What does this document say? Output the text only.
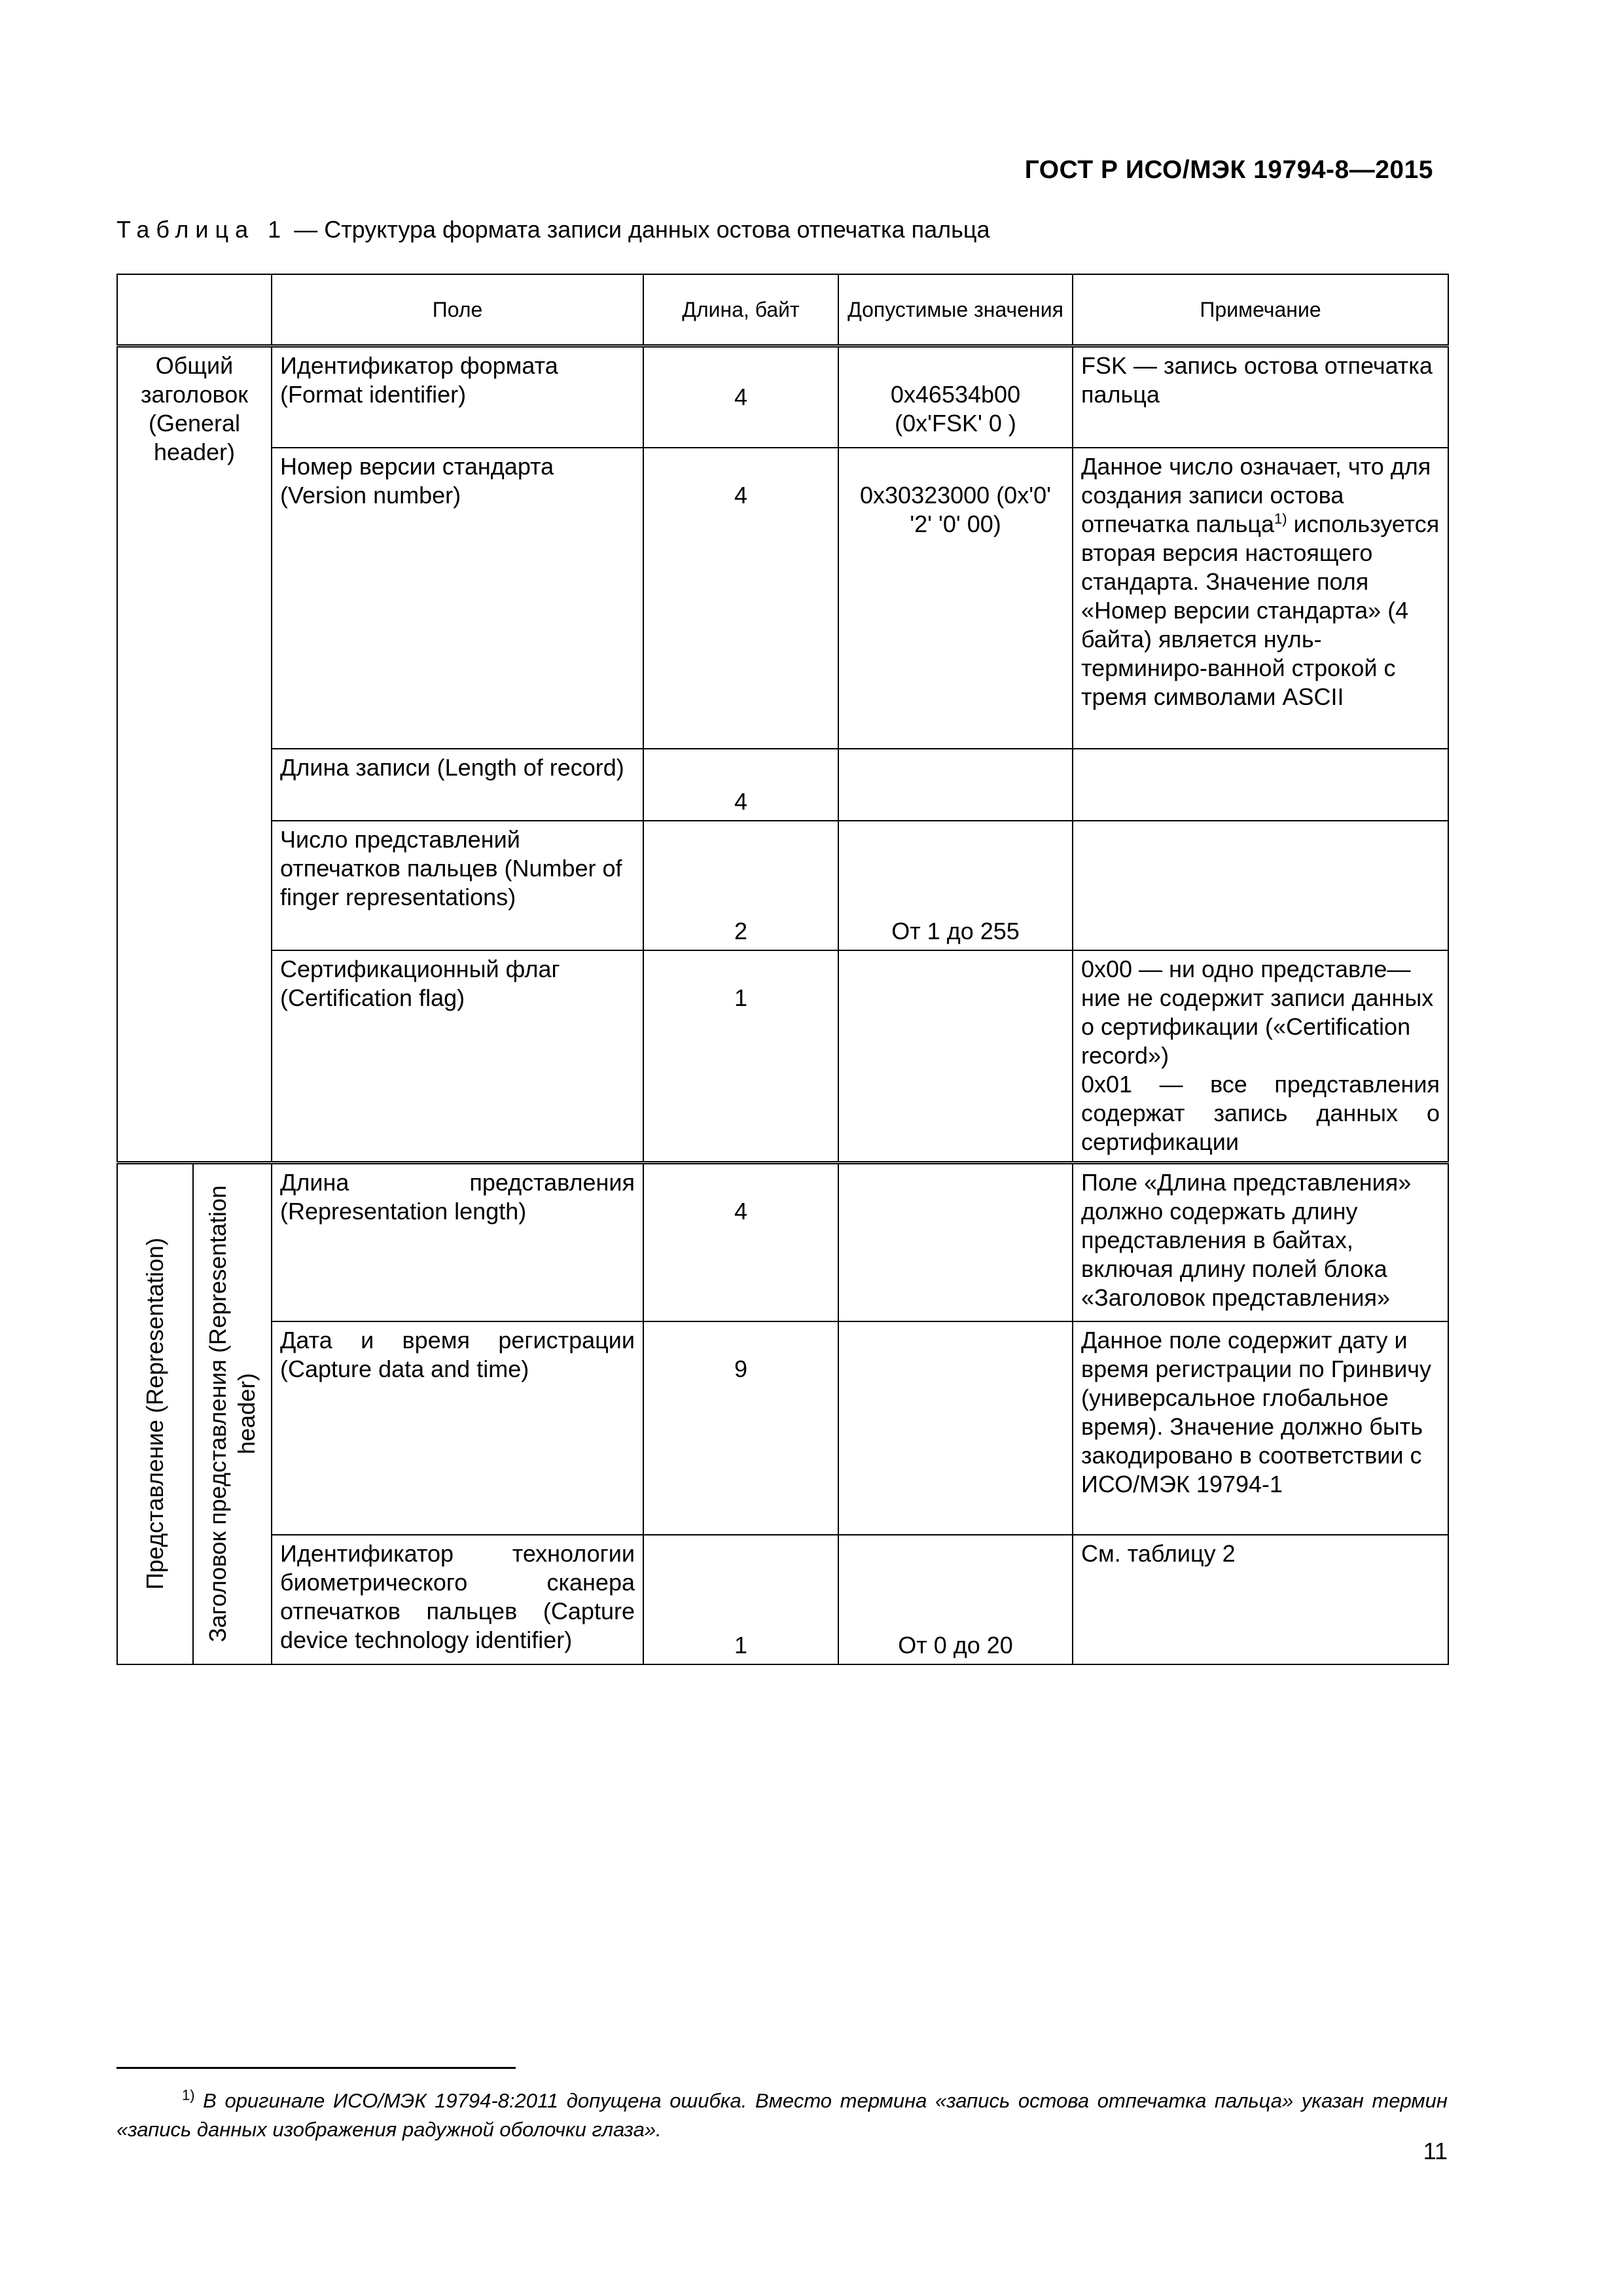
ГОСТ Р ИСО/МЭК 19794-8—2015
Таблица 1 — Структура формата записи данных остова отпечатка пальца
		Поле	Длина, байт	Допустимые значения	Примечание
Общий заголовок (General header)		Идентификатор формата (Format identifier)	4	0x46534b00 (0x'FSK' 0 )	FSK — запись остова отпечатка пальца
		Номер версии стандарта (Version number)	4	0x30323000 (0x'0' '2' '0' 00)	Данное число означает, что для создания записи остова отпечатка пальца$^{1)}$ используется вторая версия настоящего стандарта. Значение поля «Номер версии стандарта» (4 байта) является нуль-терминиро-ванной строкой с тремя символами ASCII
		Длина записи (Length of record)	4		
		Число представлений отпечатков пальцев (Number of finger representations)	2	От 1 до 255	
		Сертификационный флаг (Certification flag)	1		0x00 — ни одно представле— ние не содержит записи данных о сертификации («Certification record»)
0x01 — все представления содержат запись данных о сертификации

Представление (Representation)	Заголовок представления (Representation header)	Длина представления (Representation length)	4		Поле «Длина представления» должно содержать длину представления в байтах, включая длину полей блока «Заголовок представления»
		Дата и время регистрации (Capture data and time)	9		Данное поле содержит дату и время регистрации по Гринвичу (универсальное глобальное время). Значение должно быть закодировано в соответствии с ИСО/МЭК 19794-1
		Идентификатор технологии биометрического сканера отпечатков пальцев (Capture device technology identifier)	1	От 0 до 20	См. таблицу 2
$^{1)}$ В оригинале ИСО/МЭК 19794-8:2011 допущена ошибка. Вместо термина «запись остова отпечатка пальца» указан термин «запись данных изображения радужной оболочки глаза».
11
